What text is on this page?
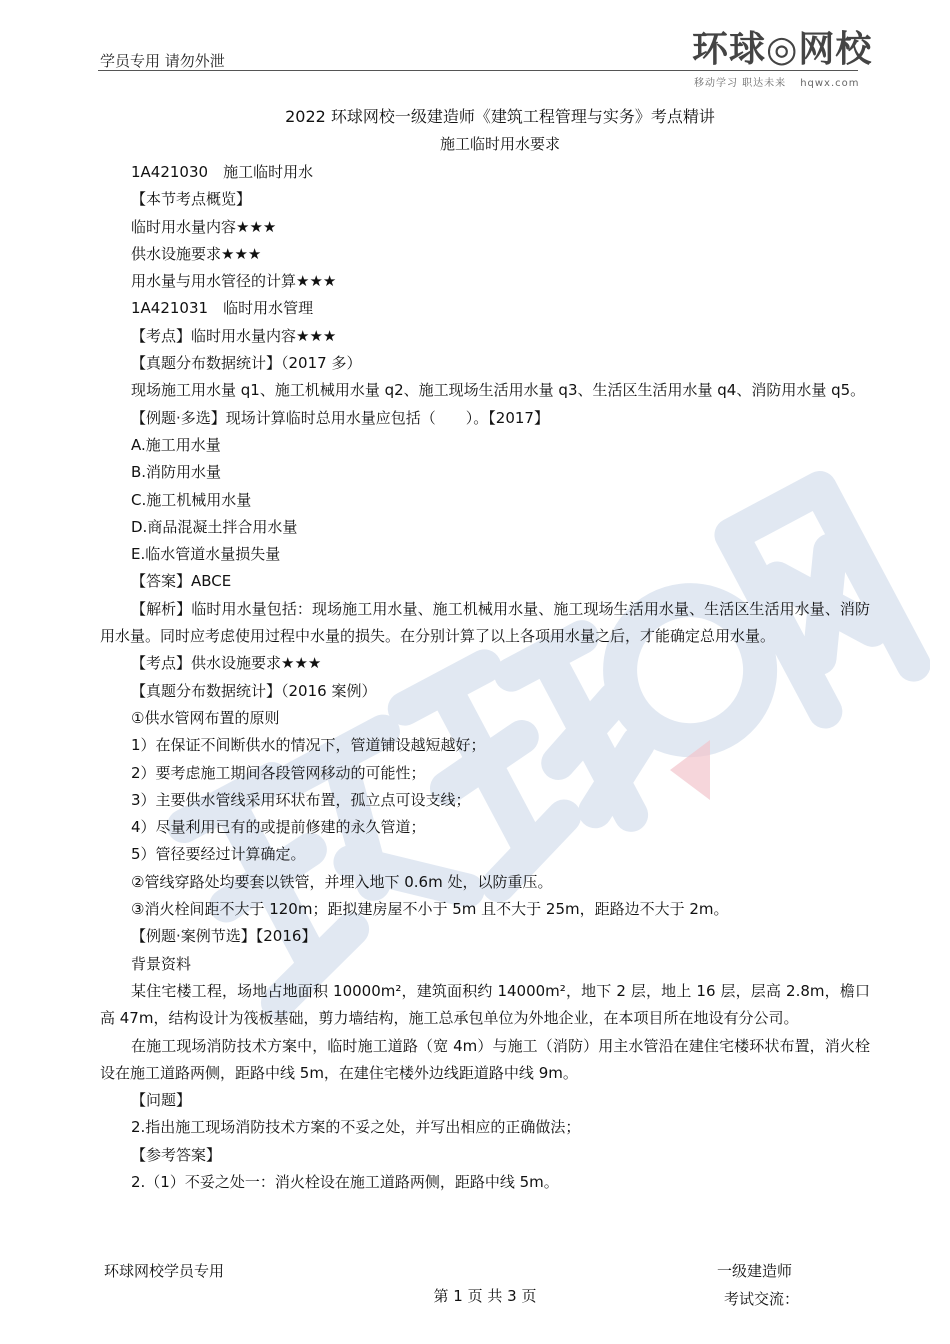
学员专用 请勿外泄	环球◎网校
移动学习 职达未来 hqwx.com
2022 环球网校一级建造师《建筑工程管理与实务》考点精讲
施工临时用水要求

1A421030　施工临时用水

【本节考点概览】

临时用水量内容★★★

供水设施要求★★★

用水量与用水管径的计算★★★

1A421031　临时用水管理

【考点】临时用水量内容★★★

【真题分布数据统计】（2017 多）

现场施工用水量 q1、施工机械用水量 q2、施工现场生活用水量 q3、生活区生活用水量 q4、消防用水量 q5。

【例题·多选】现场计算临时总用水量应包括（　　）。【2017】

A.施工用水量

B.消防用水量

C.施工机械用水量

D.商品混凝土拌合用水量

E.临水管道水量损失量

【答案】ABCE

【解析】临时用水量包括：现场施工用水量、施工机械用水量、施工现场生活用水量、生活区生活用水量、消防用水量。同时应考虑使用过程中水量的损失。在分别计算了以上各项用水量之后，才能确定总用水量。

【考点】供水设施要求★★★

【真题分布数据统计】（2016 案例）

①供水管网布置的原则

1）在保证不间断供水的情况下，管道铺设越短越好；

2）要考虑施工期间各段管网移动的可能性；

3）主要供水管线采用环状布置，孤立点可设支线；

4）尽量利用已有的或提前修建的永久管道；

5）管径要经过计算确定。

②管线穿路处均要套以铁管，并埋入地下 0.6m 处，以防重压。

③消火栓间距不大于 120m；距拟建房屋不小于 5m 且不大于 25m，距路边不大于 2m。

【例题·案例节选】【2016】

背景资料

某住宅楼工程，场地占地面积 10000m²，建筑面积约 14000m²，地下 2 层，地上 16 层，层高 2.8m，檐口高 47m，结构设计为筏板基础，剪力墙结构，施工总承包单位为外地企业，在本项目所在地设有分公司。

在施工现场消防技术方案中，临时施工道路（宽 4m）与施工（消防）用主水管沿在建住宅楼环状布置，消火栓设在施工道路两侧，距路中线 5m，在建住宅楼外边线距道路中线 9m。

【问题】

2.指出施工现场消防技术方案的不妥之处，并写出相应的正确做法；

【参考答案】

2.（1）不妥之处一：消火栓设在施工道路两侧，距路中线 5m。

环球网校学员专用	一级建造师
第 1 页 共 3 页	考试交流：
